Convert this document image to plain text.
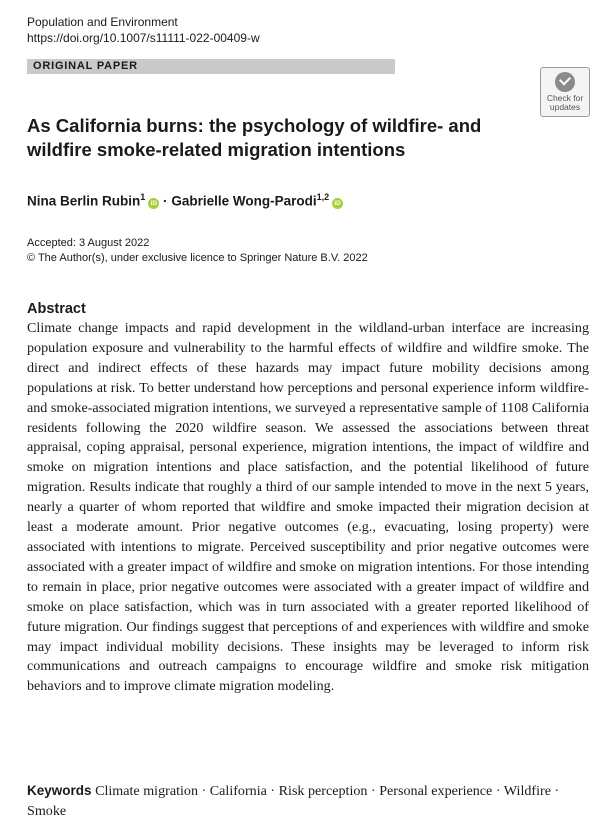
Population and Environment
https://doi.org/10.1007/s11111-022-00409-w
ORIGINAL PAPER
Check for updates
As California burns: the psychology of wildfire- and wildfire smoke-related migration intentions
Nina Berlin Rubin$^1$iD · Gabrielle Wong-Parodi$^{1,2}$iD
Accepted: 3 August 2022
© The Author(s), under exclusive licence to Springer Nature B.V. 2022
Abstract
Climate change impacts and rapid development in the wildland-urban interface are increasing population exposure and vulnerability to the harmful effects of wildfire and wildfire smoke. The direct and indirect effects of these hazards may impact future mobility decisions among populations at risk. To better understand how perceptions and personal experience inform wildfire- and smoke-associated migration intentions, we surveyed a representative sample of 1108 California residents following the 2020 wildfire season. We assessed the associations between threat appraisal, coping appraisal, personal experience, migration intentions, the impact of wildfire and smoke on migration intentions and place satisfaction, and the potential likelihood of future migration. Results indicate that roughly a third of our sample intended to move in the next 5 years, nearly a quarter of whom reported that wildfire and smoke impacted their migration decision at least a moderate amount. Prior negative outcomes (e.g., evacuating, losing property) were associated with intentions to migrate. Perceived susceptibility and prior negative outcomes were associated with a greater impact of wildfire and smoke on migration intentions. For those intending to remain in place, prior negative outcomes were associated with a greater impact of wildfire and smoke on place satisfaction, which was in turn associated with a greater reported likelihood of future migration. Our findings suggest that perceptions of and experiences with wildfire and smoke may impact individual mobility decisions. These insights may be leveraged to inform risk communications and outreach campaigns to encourage wildfire and smoke risk mitigation behaviors and to improve climate migration modeling.
Keywords Climate migration · California · Risk perception · Personal experience · Wildfire · Smoke
